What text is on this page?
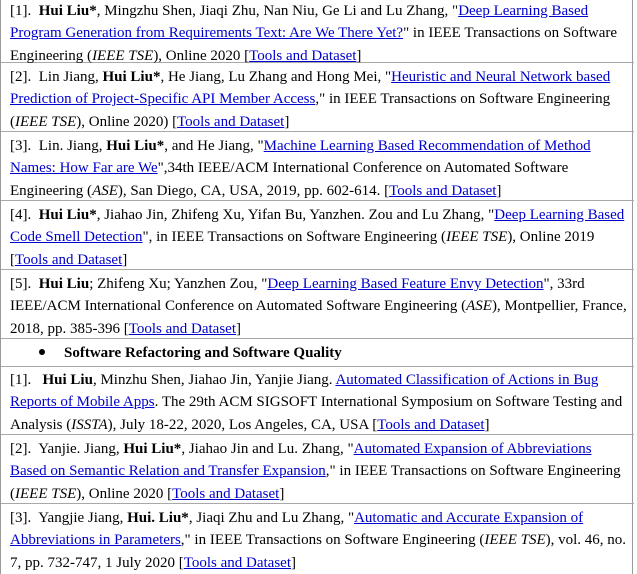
[1]. Hui Liu*, Mingzhu Shen, Jiaqi Zhu, Nan Niu, Ge Li and Lu Zhang, "Deep Learning Based Program Generation from Requirements Text: Are We There Yet?" in IEEE Transactions on Software Engineering (IEEE TSE), Online 2020 [Tools and Dataset]
[2]. Lin Jiang, Hui Liu*, He Jiang, Lu Zhang and Hong Mei, "Heuristic and Neural Network based Prediction of Project-Specific API Member Access," in IEEE Transactions on Software Engineering (IEEE TSE), Online 2020) [Tools and Dataset]
[3]. Lin. Jiang, Hui Liu*, and He Jiang, "Machine Learning Based Recommendation of Method Names: How Far are We",34th IEEE/ACM International Conference on Automated Software Engineering (ASE), San Diego, CA, USA, 2019, pp. 602-614. [Tools and Dataset]
[4]. Hui Liu*, Jiahao Jin, Zhifeng Xu, Yifan Bu, Yanzhen. Zou and Lu Zhang, "Deep Learning Based Code Smell Detection", in IEEE Transactions on Software Engineering (IEEE TSE), Online 2019 [Tools and Dataset]
[5]. Hui Liu; Zhifeng Xu; Yanzhen Zou, "Deep Learning Based Feature Envy Detection", 33rd IEEE/ACM International Conference on Automated Software Engineering (ASE), Montpellier, France, 2018, pp. 385-396 [Tools and Dataset]
Software Refactoring and Software Quality
[1]. Hui Liu, Minzhu Shen, Jiahao Jin, Yanjie Jiang. Automated Classification of Actions in Bug Reports of Mobile Apps. The 29th ACM SIGSOFT International Symposium on Software Testing and Analysis (ISSTA), July 18-22, 2020, Los Angeles, CA, USA [Tools and Dataset]
[2]. Yanjie. Jiang, Hui Liu*, Jiahao Jin and Lu. Zhang, "Automated Expansion of Abbreviations Based on Semantic Relation and Transfer Expansion," in IEEE Transactions on Software Engineering (IEEE TSE), Online 2020 [Tools and Dataset]
[3]. Yangjie Jiang, Hui. Liu*, Jiaqi Zhu and Lu Zhang, "Automatic and Accurate Expansion of Abbreviations in Parameters," in IEEE Transactions on Software Engineering (IEEE TSE), vol. 46, no. 7, pp. 732-747, 1 July 2020 [Tools and Dataset]
